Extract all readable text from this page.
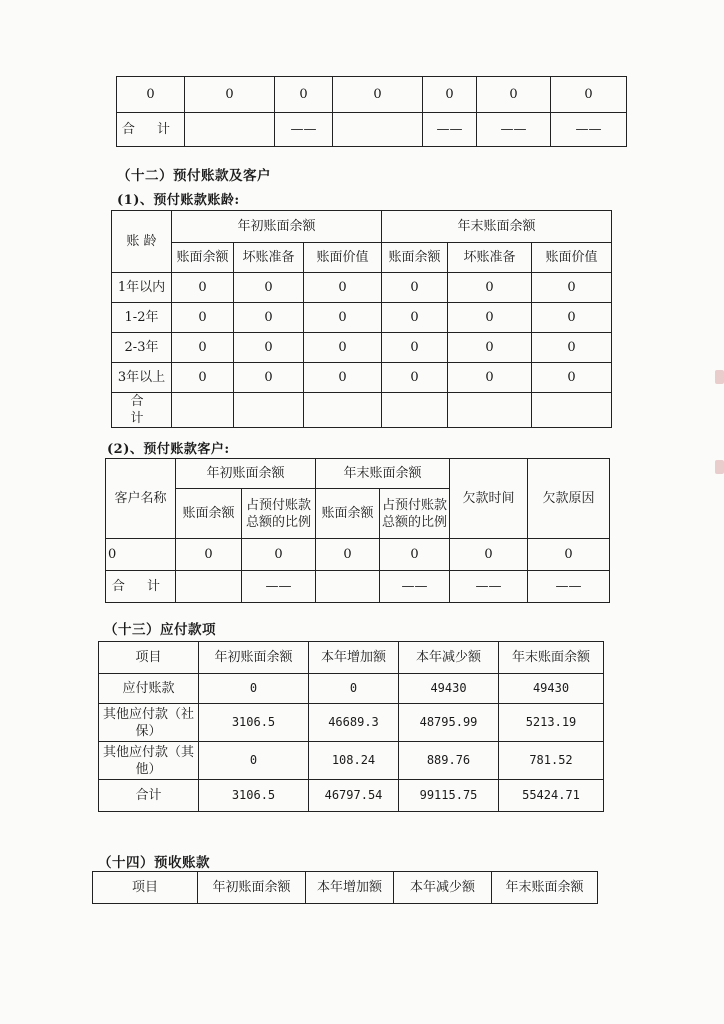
0	0	0	0	0	0	0
合 计		——		——	——	——
（十二）预付账款及客户
(1)、预付账款账龄:
账 龄	年初账面余额			年末账面余额		
	账面余额	坏账准备	账面价值	账面余额	坏账准备	账面价值
1年以内	0	0	0	0	0	0
1-2年	0	0	0	0	0	0
2-3年	0	0	0	0	0	0
3年以上	0	0	0	0	0	0
合 计						
(2)、预付账款客户:
客户名称	年初账面余额		年末账面余额		欠款时间	欠款原因
	账面余额	占预付账款总额的比例	账面余额	占预付账款总额的比例		
0	0	0	0	0	0	0
合 计		——		——	——	——
（十三）应付款项
项目	年初账面余额	本年增加额	本年减少额	年末账面余额
应付账款	0	0	49430	49430
其他应付款（社保）	3106.5	46689.3	48795.99	5213.19
其他应付款（其他）	0	108.24	889.76	781.52
合计	3106.5	46797.54	99115.75	55424.71
（十四）预收账款
项目	年初账面余额	本年增加额	本年减少额	年末账面余额
